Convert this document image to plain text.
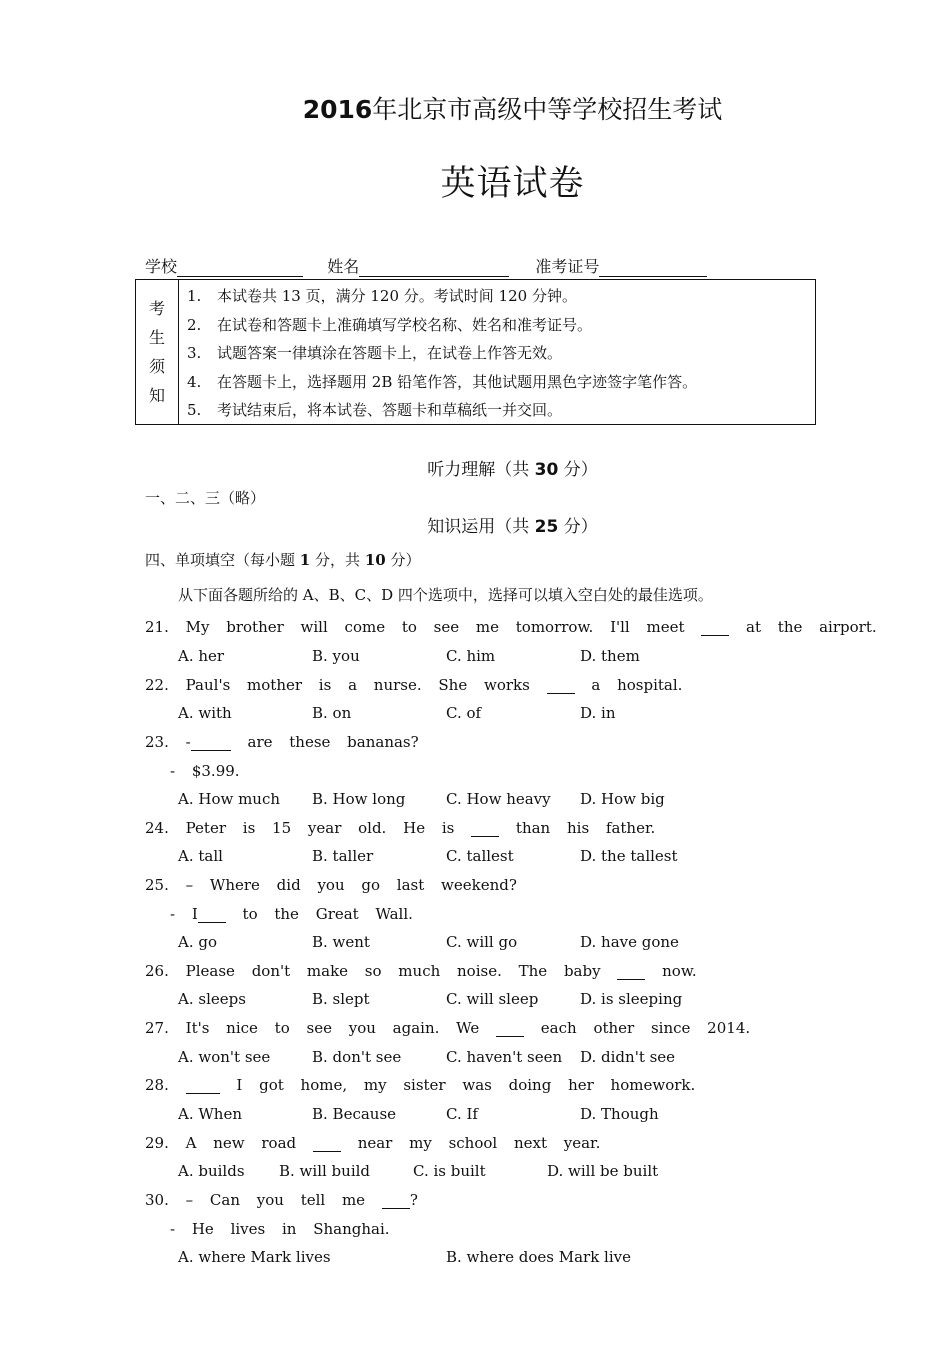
2016年北京市高级中等学校招生考试
英语试卷
学校	姓名	准考证号
考
生
须
知
1. 本试卷共 13 页，满分 120 分。考试时间 120 分钟。
2. 在试卷和答题卡上准确填写学校名称、姓名和准考证号。
3. 试题答案一律填涂在答题卡上，在试卷上作答无效。
4. 在答题卡上，选择题用 2B 铅笔作答，其他试题用黑色字迹签字笔作答。
5. 考试结束后，将本试卷、答题卡和草稿纸一并交回。
听力理解（共 30 分）
一、二、三（略）
知识运用（共 25 分）
四、单项填空（每小题 1 分，共 10 分）
从下面各题所给的 A、B、C、D 四个选项中，选择可以填入空白处的最佳选项。
21. My brother will come to see me tomorrow. I'll meet	at the airport.
A. her	B. you	C. him	D. them
22. Paul's mother is a nurse. She works	a hospital.
A. with	B. on	C. of	D. in
23. -	are these bananas?
- $3.99.
A. How much B. How long	C. How heavy D. How big
24. Peter is 15 year old. He is	than his father.
A. tall	B. taller	C. tallest	D. the tallest
25. – Where did you go last weekend?
- I	to the Great Wall.
A. go	B. went	C. will go	D. have gone
26. Please don't make so much noise. The baby	now.
A. sleeps	B. slept	C. will sleep	D. is sleeping
27. It's nice to see you again. We	each other since 2014.
A. won't see	B. don't see	C. haven't seen D. didn't see
28.	I got home, my sister was doing her homework.
A. When	B. Because	C. If	D. Though
29. A new road	near my school next year.
A. builds B. will build	C. is built	D. will be built
30. – Can you tell me	?
- He lives in Shanghai.
A. where Mark lives	B. where does Mark live
